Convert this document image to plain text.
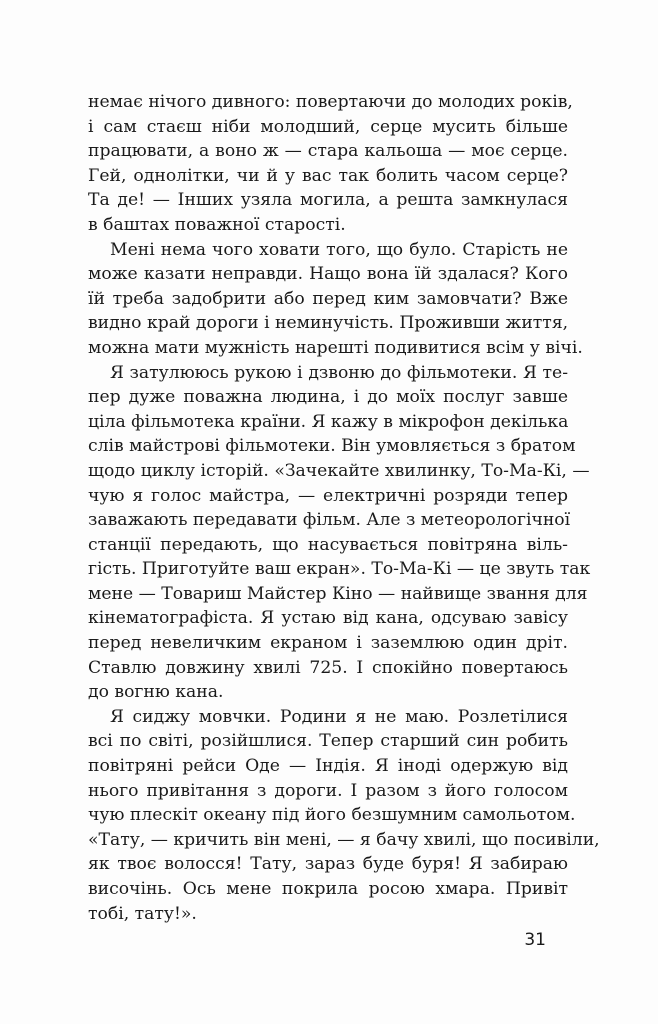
немає нічого дивного: повертаючи до молодих років,
і сам стаєш ніби молодший, серце мусить більше
працювати, а воно ж — стара кальоша — моє серце.
Гей, однолітки, чи й у вас так болить часом серце?
Та де! — Інших узяла могила, а решта замкнулася
в баштах поважної старості.
Мені нема чого ховати того, що було. Старість не
може казати неправди. Нащо вона їй здалася? Кого
їй треба задобрити або перед ким замовчати? Вже
видно край дороги і неминучість. Проживши життя,
можна мати мужність нарешті подивитися всім у вічі.
Я затулююсь рукою і дзвоню до фільмотеки. Я те-
пер дуже поважна людина, і до моїх послуг завше
ціла фільмотека країни. Я кажу в мікрофон декілька
слів майстрові фільмотеки. Він умовляється з братом
щодо циклу історій. «Зачекайте хвилинку, То-Ма-Кі, —
чую я голос майстра, — електричні розряди тепер
заважають передавати фільм. Але з метеорологічної
станції передають, що насувається повітряна віль-
гість. Приготуйте ваш екран». То-Ма-Кі — це звуть так
мене — Товариш Майстер Кіно — найвище звання для
кінематографіста. Я устаю від кана, одсуваю завісу
перед невеличким екраном і заземлюю один дріт.
Ставлю довжину хвилі 725. І спокійно повертаюсь
до вогню кана.
Я сиджу мовчки. Родини я не маю. Розлетілися
всі по світі, розійшлися. Тепер старший син робить
повітряні рейси Оде — Індія. Я іноді одержую від
нього привітання з дороги. І разом з його голосом
чую плескіт океану під його безшумним самольотом.
«Тату, — кричить він мені, — я бачу хвилі, що посивіли,
як твоє волосся! Тату, зараз буде буря! Я забираю
височінь. Ось мене покрила росою хмара. Привіт
тобі, тату!».
31
